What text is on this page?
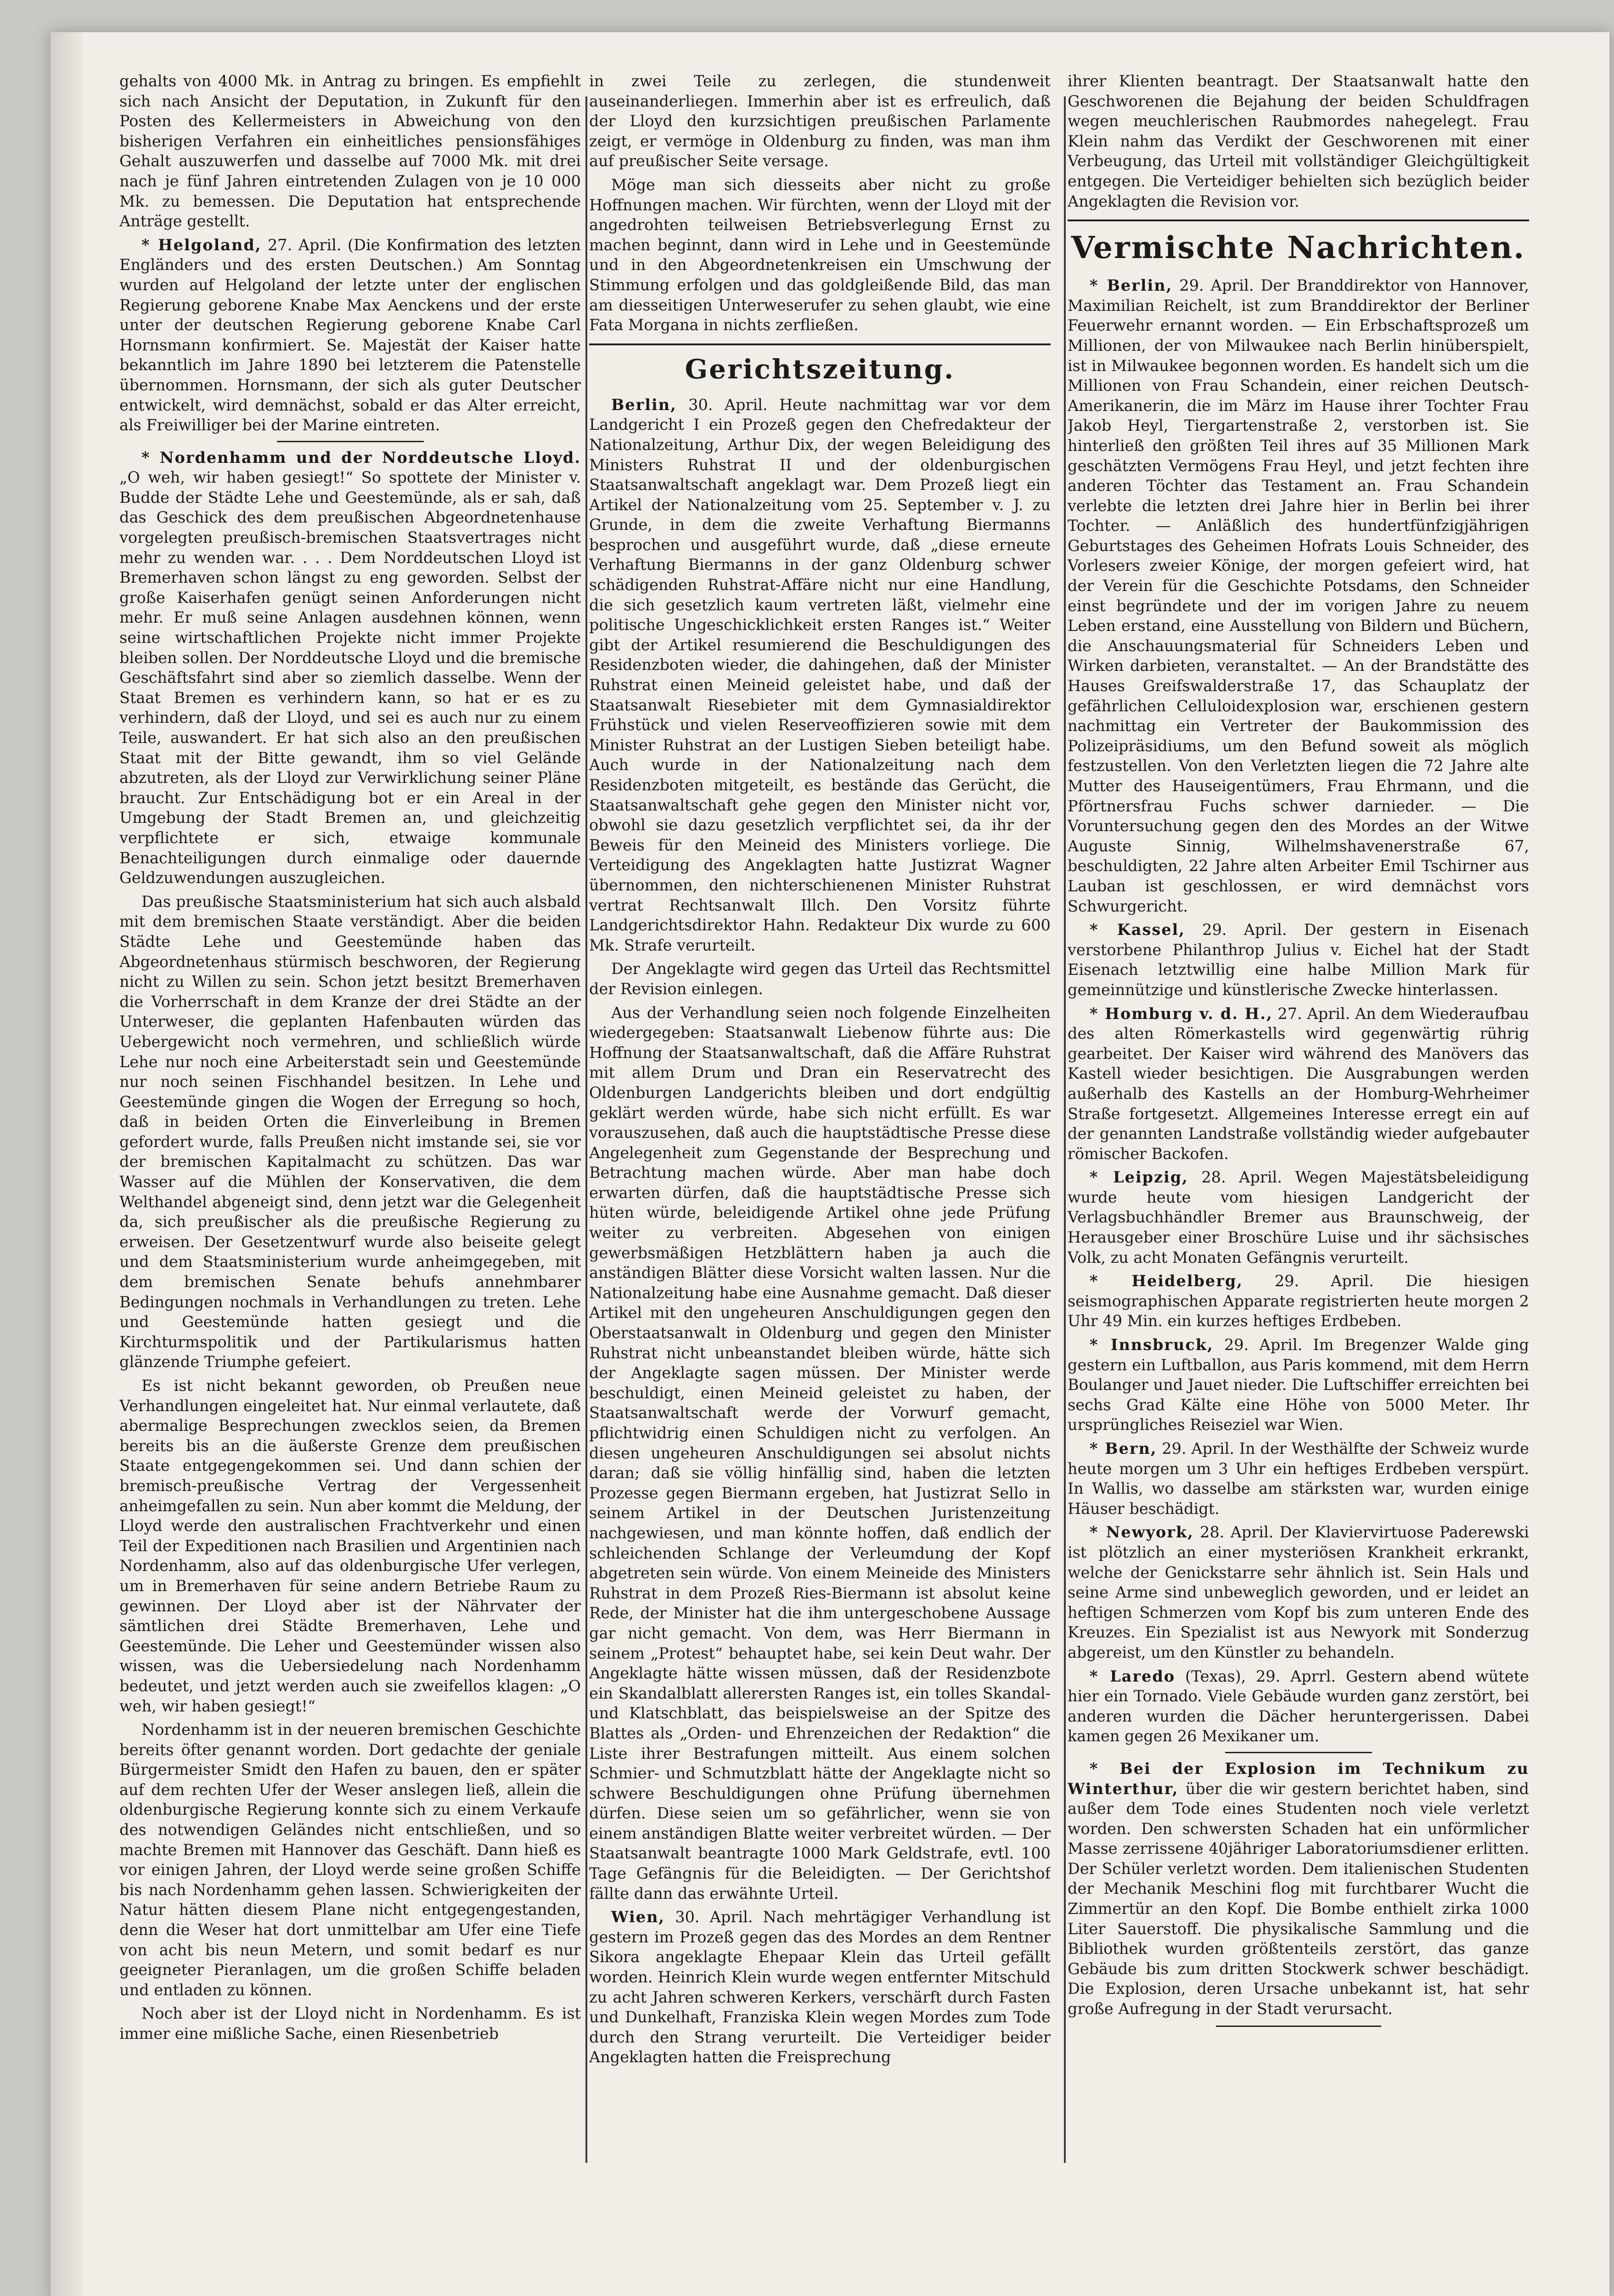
gehalts von 4000 Mk. in Antrag zu bringen. Es empfiehlt sich nach Ansicht der Deputation, in Zukunft für den Posten des Kellermeisters in Abweichung von den bisherigen Verfahren ein einheitliches pensionsfähiges Gehalt auszuwerfen und dasselbe auf 7000 Mk. mit drei nach je fünf Jahren eintretenden Zulagen von je 10 000 Mk. zu bemessen. Die Deputation hat entsprechende Anträge gestellt.

* Helgoland, 27. April. (Die Konfirmation des letzten Engländers und des ersten Deutschen.) Am Sonntag wurden auf Helgoland der letzte unter der englischen Regierung geborene Knabe Max Aenckens und der erste unter der deutschen Regierung geborene Knabe Carl Hornsmann konfirmiert. Se. Majestät der Kaiser hatte bekanntlich im Jahre 1890 bei letzterem die Patenstelle übernommen. Hornsmann, der sich als guter Deutscher entwickelt, wird demnächst, sobald er das Alter erreicht, als Freiwilliger bei der Marine eintreten.

* Nordenhamm und der Norddeutsche Lloyd. „O weh, wir haben gesiegt!“ So spottete der Minister v. Budde der Städte Lehe und Geestemünde, als er sah, daß das Geschick des dem preußischen Abgeordnetenhause vorgelegten preußisch-bremischen Staatsvertrages nicht mehr zu wenden war. . . . Dem Norddeutschen Lloyd ist Bremerhaven schon längst zu eng geworden. Selbst der große Kaiserhafen genügt seinen Anforderungen nicht mehr. Er muß seine Anlagen ausdehnen können, wenn seine wirtschaftlichen Projekte nicht immer Projekte bleiben sollen. Der Norddeutsche Lloyd und die bremische Geschäftsfahrt sind aber so ziemlich dasselbe. Wenn der Staat Bremen es verhindern kann, so hat er es zu verhindern, daß der Lloyd, und sei es auch nur zu einem Teile, auswandert. Er hat sich also an den preußischen Staat mit der Bitte gewandt, ihm so viel Gelände abzutreten, als der Lloyd zur Verwirklichung seiner Pläne braucht. Zur Entschädigung bot er ein Areal in der Umgebung der Stadt Bremen an, und gleichzeitig verpflichtete er sich, etwaige kommunale Benachteiligungen durch einmalige oder dauernde Geldzuwendungen auszugleichen.

Das preußische Staatsministerium hat sich auch alsbald mit dem bremischen Staate verständigt. Aber die beiden Städte Lehe und Geestemünde haben das Abgeordnetenhaus stürmisch beschworen, der Regierung nicht zu Willen zu sein. Schon jetzt besitzt Bremerhaven die Vorherrschaft in dem Kranze der drei Städte an der Unterweser, die geplanten Hafenbauten würden das Uebergewicht noch vermehren, und schließlich würde Lehe nur noch eine Arbeiterstadt sein und Geestemünde nur noch seinen Fischhandel besitzen. In Lehe und Geestemünde gingen die Wogen der Erregung so hoch, daß in beiden Orten die Einverleibung in Bremen gefordert wurde, falls Preußen nicht imstande sei, sie vor der bremischen Kapitalmacht zu schützen. Das war Wasser auf die Mühlen der Konservativen, die dem Welthandel abgeneigt sind, denn jetzt war die Gelegenheit da, sich preußischer als die preußische Regierung zu erweisen. Der Gesetzentwurf wurde also beiseite gelegt und dem Staatsministerium wurde anheimgegeben, mit dem bremischen Senate behufs annehmbarer Bedingungen nochmals in Verhandlungen zu treten. Lehe und Geestemünde hatten gesiegt und die Kirchturmspolitik und der Partikularismus hatten glänzende Triumphe gefeiert.

Es ist nicht bekannt geworden, ob Preußen neue Verhandlungen eingeleitet hat. Nur einmal verlautete, daß abermalige Besprechungen zwecklos seien, da Bremen bereits bis an die äußerste Grenze dem preußischen Staate entgegengekommen sei. Und dann schien der bremisch-preußische Vertrag der Vergessenheit anheimgefallen zu sein. Nun aber kommt die Meldung, der Lloyd werde den australischen Frachtverkehr und einen Teil der Expeditionen nach Brasilien und Argentinien nach Nordenhamm, also auf das oldenburgische Ufer verlegen, um in Bremerhaven für seine andern Betriebe Raum zu gewinnen. Der Lloyd aber ist der Nährvater der sämtlichen drei Städte Bremerhaven, Lehe und Geestemünde. Die Leher und Geestemünder wissen also wissen, was die Uebersiedelung nach Nordenhamm bedeutet, und jetzt werden auch sie zweifellos klagen: „O weh, wir haben gesiegt!“

Nordenhamm ist in der neueren bremischen Geschichte bereits öfter genannt worden. Dort gedachte der geniale Bürgermeister Smidt den Hafen zu bauen, den er später auf dem rechten Ufer der Weser anslegen ließ, allein die oldenburgische Regierung konnte sich zu einem Verkaufe des notwendigen Geländes nicht entschließen, und so machte Bremen mit Hannover das Geschäft. Dann hieß es vor einigen Jahren, der Lloyd werde seine großen Schiffe bis nach Nordenhamm gehen lassen. Schwierigkeiten der Natur hätten diesem Plane nicht entgegengestanden, denn die Weser hat dort unmittelbar am Ufer eine Tiefe von acht bis neun Metern, und somit bedarf es nur geeigneter Pieranlagen, um die großen Schiffe beladen und entladen zu können.

Noch aber ist der Lloyd nicht in Nordenhamm. Es ist immer eine mißliche Sache, einen Riesenbetrieb

in zwei Teile zu zerlegen, die stundenweit auseinanderliegen. Immerhin aber ist es erfreulich, daß der Lloyd den kurzsichtigen preußischen Parlamente zeigt, er vermöge in Oldenburg zu finden, was man ihm auf preußischer Seite versage.

Möge man sich diesseits aber nicht zu große Hoffnungen machen. Wir fürchten, wenn der Lloyd mit der angedrohten teilweisen Betriebsverlegung Ernst zu machen beginnt, dann wird in Lehe und in Geestemünde und in den Abgeordnetenkreisen ein Umschwung der Stimmung erfolgen und das goldgleißende Bild, das man am diesseitigen Unterweserufer zu sehen glaubt, wie eine Fata Morgana in nichts zerfließen.

Gerichtszeitung.

Berlin, 30. April. Heute nachmittag war vor dem Landgericht I ein Prozeß gegen den Chefredakteur der Nationalzeitung, Arthur Dix, der wegen Beleidigung des Ministers Ruhstrat II und der oldenburgischen Staatsanwaltschaft angeklagt war. Dem Prozeß liegt ein Artikel der Nationalzeitung vom 25. September v. J. zu Grunde, in dem die zweite Verhaftung Biermanns besprochen und ausgeführt wurde, daß „diese erneute Verhaftung Biermanns in der ganz Oldenburg schwer schädigenden Ruhstrat-Affäre nicht nur eine Handlung, die sich gesetzlich kaum vertreten läßt, vielmehr eine politische Ungeschicklichkeit ersten Ranges ist.“ Weiter gibt der Artikel resumierend die Beschuldigungen des Residenzboten wieder, die dahingehen, daß der Minister Ruhstrat einen Meineid geleistet habe, und daß der Staatsanwalt Riesebieter mit dem Gymnasialdirektor Frühstück und vielen Reserveoffizieren sowie mit dem Minister Ruhstrat an der Lustigen Sieben beteiligt habe. Auch wurde in der Nationalzeitung nach dem Residenzboten mitgeteilt, es bestände das Gerücht, die Staatsanwaltschaft gehe gegen den Minister nicht vor, obwohl sie dazu gesetzlich verpflichtet sei, da ihr der Beweis für den Meineid des Ministers vorliege. Die Verteidigung des Angeklagten hatte Justizrat Wagner übernommen, den nichterschienenen Minister Ruhstrat vertrat Rechtsanwalt Illch. Den Vorsitz führte Landgerichtsdirektor Hahn. Redakteur Dix wurde zu 600 Mk. Strafe verurteilt.

Der Angeklagte wird gegen das Urteil das Rechtsmittel der Revision einlegen.

Aus der Verhandlung seien noch folgende Einzelheiten wiedergegeben: Staatsanwalt Liebenow führte aus: Die Hoffnung der Staatsanwaltschaft, daß die Affäre Ruhstrat mit allem Drum und Dran ein Reservatrecht des Oldenburgen Landgerichts bleiben und dort endgültig geklärt werden würde, habe sich nicht erfüllt. Es war vorauszusehen, daß auch die hauptstädtische Presse diese Angelegenheit zum Gegenstande der Besprechung und Betrachtung machen würde. Aber man habe doch erwarten dürfen, daß die hauptstädtische Presse sich hüten würde, beleidigende Artikel ohne jede Prüfung weiter zu verbreiten. Abgesehen von einigen gewerbsmäßigen Hetzblättern haben ja auch die anständigen Blätter diese Vorsicht walten lassen. Nur die Nationalzeitung habe eine Ausnahme gemacht. Daß dieser Artikel mit den ungeheuren Anschuldigungen gegen den Oberstaatsanwalt in Oldenburg und gegen den Minister Ruhstrat nicht unbeanstandet bleiben würde, hätte sich der Angeklagte sagen müssen. Der Minister werde beschuldigt, einen Meineid geleistet zu haben, der Staatsanwaltschaft werde der Vorwurf gemacht, pflichtwidrig einen Schuldigen nicht zu verfolgen. An diesen ungeheuren Anschuldigungen sei absolut nichts daran; daß sie völlig hinfällig sind, haben die letzten Prozesse gegen Biermann ergeben, hat Justizrat Sello in seinem Artikel in der Deutschen Juristenzeitung nachgewiesen, und man könnte hoffen, daß endlich der schleichenden Schlange der Verleumdung der Kopf abgetreten sein würde. Von einem Meineide des Ministers Ruhstrat in dem Prozeß Ries-Biermann ist absolut keine Rede, der Minister hat die ihm untergeschobene Aussage gar nicht gemacht. Von dem, was Herr Biermann in seinem „Protest“ behauptet habe, sei kein Deut wahr. Der Angeklagte hätte wissen müssen, daß der Residenzbote ein Skandalblatt allerersten Ranges ist, ein tolles Skandal- und Klatschblatt, das beispielsweise an der Spitze des Blattes als „Orden- und Ehrenzeichen der Redaktion“ die Liste ihrer Bestrafungen mitteilt. Aus einem solchen Schmier- und Schmutzblatt hätte der Angeklagte nicht so schwere Beschuldigungen ohne Prüfung übernehmen dürfen. Diese seien um so gefährlicher, wenn sie von einem anständigen Blatte weiter verbreitet würden. — Der Staatsanwalt beantragte 1000 Mark Geldstrafe, evtl. 100 Tage Gefängnis für die Beleidigten. — Der Gerichtshof fällte dann das erwähnte Urteil.

Wien, 30. April. Nach mehrtägiger Verhandlung ist gestern im Prozeß gegen das des Mordes an dem Rentner Sikora angeklagte Ehepaar Klein das Urteil gefällt worden. Heinrich Klein wurde wegen entfernter Mitschuld zu acht Jahren schweren Kerkers, verschärft durch Fasten und Dunkelhaft, Franziska Klein wegen Mordes zum Tode durch den Strang verurteilt. Die Verteidiger beider Angeklagten hatten die Freisprechung

ihrer Klienten beantragt. Der Staatsanwalt hatte den Geschworenen die Bejahung der beiden Schuldfragen wegen meuchlerischen Raubmordes nahegelegt. Frau Klein nahm das Verdikt der Geschworenen mit einer Verbeugung, das Urteil mit vollständiger Gleichgültigkeit entgegen. Die Verteidiger behielten sich bezüglich beider Angeklagten die Revision vor.

Vermischte Nachrichten.

* Berlin, 29. April. Der Branddirektor von Hannover, Maximilian Reichelt, ist zum Branddirektor der Berliner Feuerwehr ernannt worden. — Ein Erbschaftsprozeß um Millionen, der von Milwaukee nach Berlin hinüberspielt, ist in Milwaukee begonnen worden. Es handelt sich um die Millionen von Frau Schandein, einer reichen Deutsch-Amerikanerin, die im März im Hause ihrer Tochter Frau Jakob Heyl, Tiergartenstraße 2, verstorben ist. Sie hinterließ den größten Teil ihres auf 35 Millionen Mark geschätzten Vermögens Frau Heyl, und jetzt fechten ihre anderen Töchter das Testament an. Frau Schandein verlebte die letzten drei Jahre hier in Berlin bei ihrer Tochter. — Anläßlich des hundertfünfzigjährigen Geburtstages des Geheimen Hofrats Louis Schneider, des Vorlesers zweier Könige, der morgen gefeiert wird, hat der Verein für die Geschichte Potsdams, den Schneider einst begründete und der im vorigen Jahre zu neuem Leben erstand, eine Ausstellung von Bildern und Büchern, die Anschauungsmaterial für Schneiders Leben und Wirken darbieten, veranstaltet. — An der Brandstätte des Hauses Greifswalderstraße 17, das Schauplatz der gefährlichen Celluloidexplosion war, erschienen gestern nachmittag ein Vertreter der Baukommission des Polizeipräsidiums, um den Befund soweit als möglich festzustellen. Von den Verletzten liegen die 72 Jahre alte Mutter des Hauseigentümers, Frau Ehrmann, und die Pförtnersfrau Fuchs schwer darnieder. — Die Voruntersuchung gegen den des Mordes an der Witwe Auguste Sinnig, Wilhelmshavenerstraße 67, beschuldigten, 22 Jahre alten Arbeiter Emil Tschirner aus Lauban ist geschlossen, er wird demnächst vors Schwurgericht.

* Kassel, 29. April. Der gestern in Eisenach verstorbene Philanthrop Julius v. Eichel hat der Stadt Eisenach letztwillig eine halbe Million Mark für gemeinnützige und künstlerische Zwecke hinterlassen.

* Homburg v. d. H., 27. April. An dem Wiederaufbau des alten Römerkastells wird gegenwärtig rührig gearbeitet. Der Kaiser wird während des Manövers das Kastell wieder besichtigen. Die Ausgrabungen werden außerhalb des Kastells an der Homburg-Wehrheimer Straße fortgesetzt. Allgemeines Interesse erregt ein auf der genannten Landstraße vollständig wieder aufgebauter römischer Backofen.

* Leipzig, 28. April. Wegen Majestätsbeleidigung wurde heute vom hiesigen Landgericht der Verlagsbuchhändler Bremer aus Braunschweig, der Herausgeber einer Broschüre Luise und ihr sächsisches Volk, zu acht Monaten Gefängnis verurteilt.

* Heidelberg, 29. April. Die hiesigen seismographischen Apparate registrierten heute morgen 2 Uhr 49 Min. ein kurzes heftiges Erdbeben.

* Innsbruck, 29. April. Im Bregenzer Walde ging gestern ein Luftballon, aus Paris kommend, mit dem Herrn Boulanger und Jauet nieder. Die Luftschiffer erreichten bei sechs Grad Kälte eine Höhe von 5000 Meter. Ihr ursprüngliches Reiseziel war Wien.

* Bern, 29. April. In der Westhälfte der Schweiz wurde heute morgen um 3 Uhr ein heftiges Erdbeben verspürt. In Wallis, wo dasselbe am stärksten war, wurden einige Häuser beschädigt.

* Newyork, 28. April. Der Klaviervirtuose Paderewski ist plötzlich an einer mysteriösen Krankheit erkrankt, welche der Genickstarre sehr ähnlich ist. Sein Hals und seine Arme sind unbeweglich geworden, und er leidet an heftigen Schmerzen vom Kopf bis zum unteren Ende des Kreuzes. Ein Spezialist ist aus Newyork mit Sonderzug abgereist, um den Künstler zu behandeln.

* Laredo (Texas), 29. Aprrl. Gestern abend wütete hier ein Tornado. Viele Gebäude wurden ganz zerstört, bei anderen wurden die Dächer heruntergerissen. Dabei kamen gegen 26 Mexikaner um.

* Bei der Explosion im Technikum zu Winterthur, über die wir gestern berichtet haben, sind außer dem Tode eines Studenten noch viele verletzt worden. Den schwersten Schaden hat ein unförmlicher Masse zerrissene 40jähriger Laboratoriumsdiener erlitten. Der Schüler verletzt worden. Dem italienischen Studenten der Mechanik Meschini flog mit furchtbarer Wucht die Zimmertür an den Kopf. Die Bombe enthielt zirka 1000 Liter Sauerstoff. Die physikalische Sammlung und die Bibliothek wurden größtenteils zerstört, das ganze Gebäude bis zum dritten Stockwerk schwer beschädigt. Die Explosion, deren Ursache unbekannt ist, hat sehr große Aufregung in der Stadt verursacht.
